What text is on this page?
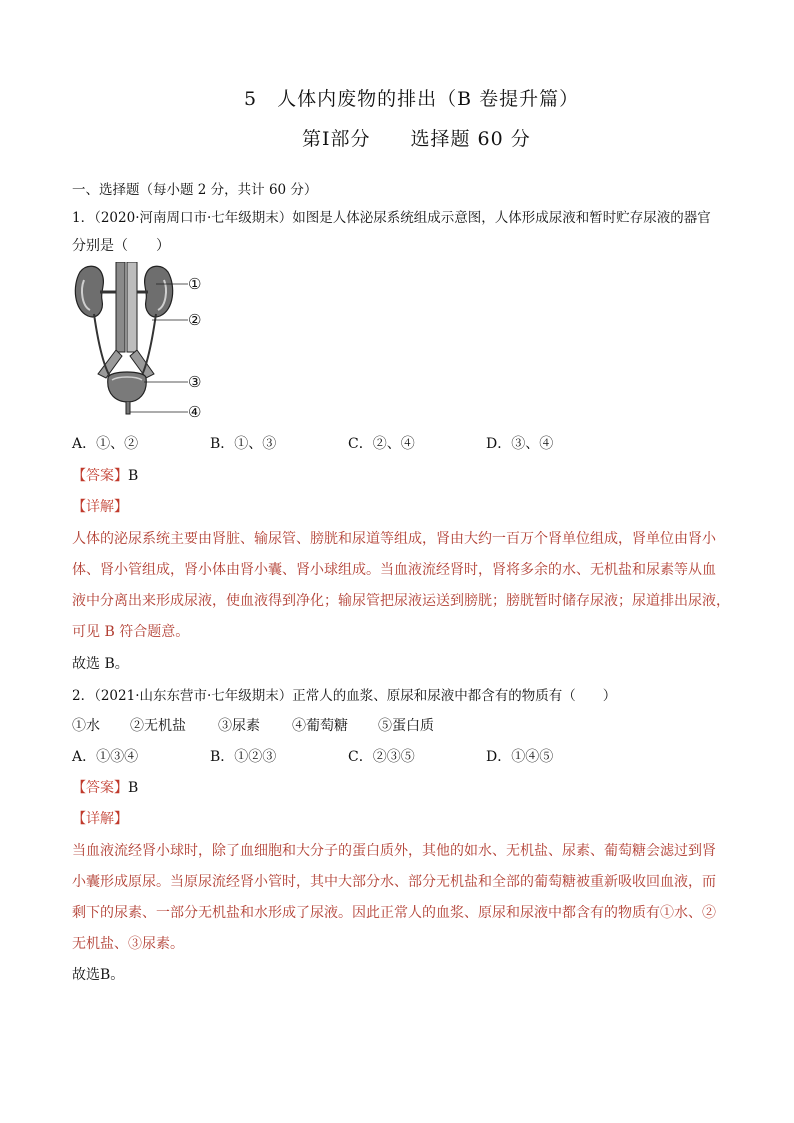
5　人体内废物的排出（B 卷提升篇）
第Ⅰ部分　　选择题 60 分
一、选择题（每小题 2 分，共计 60 分）
1．（2020·河南周口市·七年级期末）如图是人体泌尿系统组成示意图，人体形成尿液和暂时贮存尿液的器官
分别是（　　）
①
②
③
④
A．①、②	B．①、③	C．②、④	D．③、④
【答案】B
【详解】
人体的泌尿系统主要由肾脏、输尿管、膀胱和尿道等组成，肾由大约一百万个肾单位组成，肾单位由肾小
体、肾小管组成，肾小体由肾小囊、肾小球组成。当血液流经肾时，肾将多余的水、无机盐和尿素等从血
液中分离出来形成尿液，使血液得到净化；输尿管把尿液运送到膀胱；膀胱暂时储存尿液；尿道排出尿液，
可见 B 符合题意。
故选 B。
2．（2021·山东东营市·七年级期末）正常人的血浆、原尿和尿液中都含有的物质有（　　）
①水 ②无机盐 ③尿素 ④葡萄糖 ⑤蛋白质
A．①③④	B．①②③	C．②③⑤	D．①④⑤
【答案】B
【详解】
当血液流经肾小球时，除了血细胞和大分子的蛋白质外，其他的如水、无机盐、尿素、葡萄糖会滤过到肾
小囊形成原尿。当原尿流经肾小管时，其中大部分水、部分无机盐和全部的葡萄糖被重新吸收回血液，而
剩下的尿素、一部分无机盐和水形成了尿液。因此正常人的血浆、原尿和尿液中都含有的物质有①水、②
无机盐、③尿素。
故选B。
